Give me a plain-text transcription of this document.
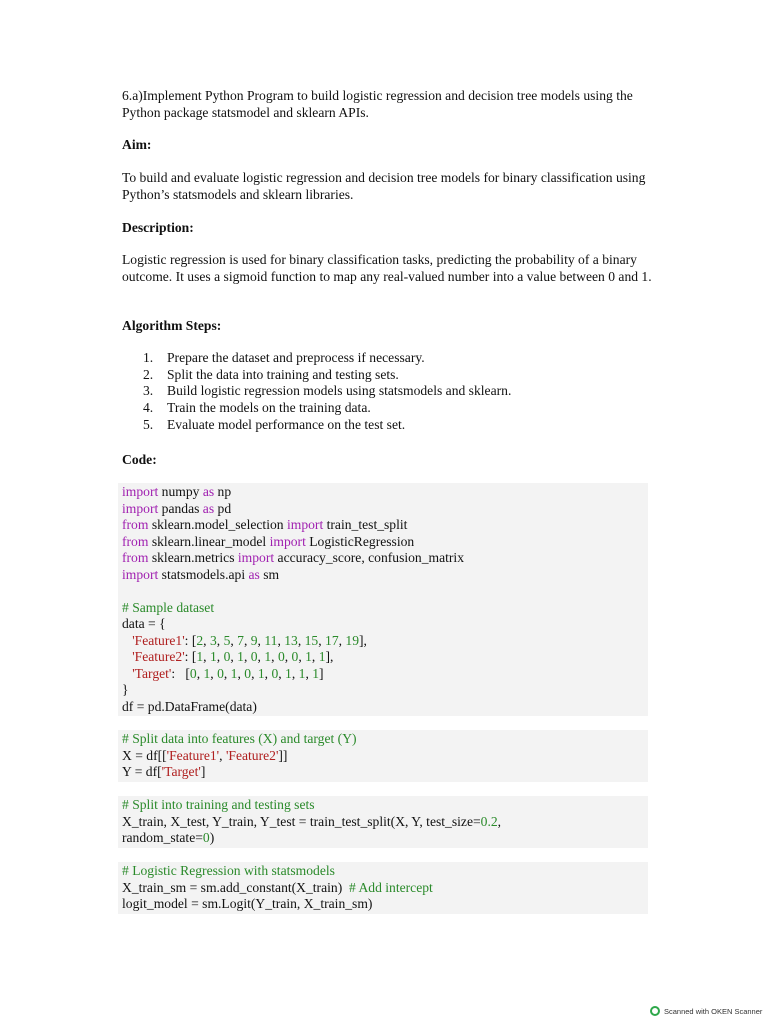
6.a)Implement Python Program to build logistic regression and decision tree models using the Python package statsmodel and sklearn APIs.

Aim:

To build and evaluate logistic regression and decision tree models for binary classification using Python’s statsmodels and sklearn libraries.

Description:

Logistic regression is used for binary classification tasks, predicting the probability of a binary outcome. It uses a sigmoid function to map any real-valued number into a value between 0 and 1.

Algorithm Steps:

1. Prepare the dataset and preprocess if necessary.
2. Split the data into training and testing sets.
3. Build logistic regression models using statsmodels and sklearn.
4. Train the models on the training data.
5. Evaluate model performance on the test set.

Code:

import numpy as np
import pandas as pd
from sklearn.model_selection import train_test_split
from sklearn.linear_model import LogisticRegression
from sklearn.metrics import accuracy_score, confusion_matrix
import statsmodels.api as sm
# Sample dataset
data = {
'Feature1': [2, 3, 5, 7, 9, 11, 13, 15, 17, 19],
'Feature2': [1, 1, 0, 1, 0, 1, 0, 0, 1, 1],
'Target':   [0, 1, 0, 1, 0, 1, 0, 1, 1, 1]
}
df = pd.DataFrame(data)
# Split data into features (X) and target (Y)
X = df[['Feature1', 'Feature2']]
Y = df['Target']
# Split into training and testing sets
X_train, X_test, Y_train, Y_test = train_test_split(X, Y, test_size=0.2,
random_state=0)
# Logistic Regression with statsmodels
X_train_sm = sm.add_constant(X_train)  # Add intercept
logit_model = sm.Logit(Y_train, X_train_sm)
Scanned with OKEN Scanner
